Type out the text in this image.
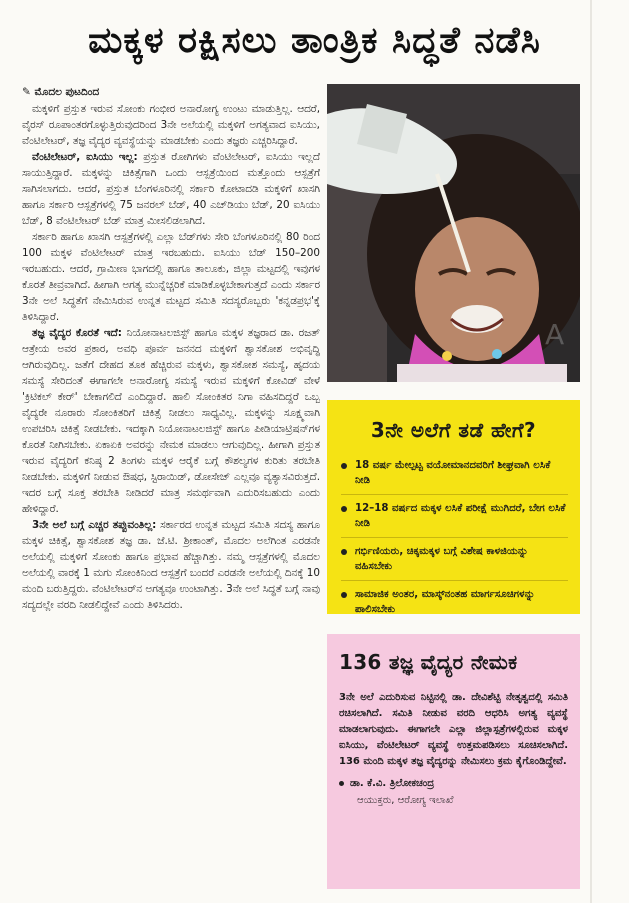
ಮಕ್ಕಳ ರಕ್ಷಿಸಲು ತಾಂತ್ರಿಕ ಸಿದ್ಧತೆ ನಡೆಸಿ
✎ ಮೊದಲ ಪುಟದಿಂದ

ಮಕ್ಕಳಿಗೆ ಪ್ರಸ್ತುತ ಇರುವ ಸೋಂಕು ಗಂಭೀರ ಅನಾರೋಗ್ಯ ಉಂಟು ಮಾಡುತ್ತಿಲ್ಲ. ಆದರೆ, ವೈರಸ್ ರೂಪಾಂತರಗೊಳ್ಳುತ್ತಿರುವುದರಿಂದ 3ನೇ ಅಲೆಯಲ್ಲಿ ಮಕ್ಕಳಿಗೆ ಅಗತ್ಯವಾದ ಐಸಿಯು, ವೆಂಟಿಲೇಟರ್, ತಜ್ಞ ವೈದ್ಯರ ವ್ಯವಸ್ಥೆಯನ್ನು ಮಾಡಬೇಕು ಎಂದು ತಜ್ಞರು ಎಚ್ಚರಿಸಿದ್ದಾರೆ.

ವೆಂಟಿಲೇಟರ್, ಐಸಿಯು ಇಲ್ಲ: ಪ್ರಸ್ತುತ ರೋಗಿಗಳು ವೆಂಟಿಲೇಟರ್, ಐಸಿಯು ಇಲ್ಲದೆ ಸಾಯುತ್ತಿದ್ದಾರೆ. ಮಕ್ಕಳನ್ನು ಚಿಕಿತ್ಸೆಗಾಗಿ ಒಂದು ಆಸ್ಪತ್ರೆಯಿಂದ ಮತ್ತೊಂದು ಆಸ್ಪತ್ರೆಗೆ ಸಾಗಿಸಲಾಗದು. ಆದರೆ, ಪ್ರಸ್ತುತ ಬೆಂಗಳೂರಿನಲ್ಲಿ ಸರ್ಕಾರಿ ಕೋಟಾದಡಿ ಮಕ್ಕಳಿಗೆ ಖಾಸಗಿ ಹಾಗೂ ಸರ್ಕಾರಿ ಆಸ್ಪತ್ರೆಗಳಲ್ಲಿ 75 ಜನರಲ್ ಬೆಡ್, 40 ಎಚ್‌ಡಿಯು ಬೆಡ್, 20 ಐಸಿಯು ಬೆಡ್, 8 ವೆಂಟಿಲೇಟರ್ ಬೆಡ್ ಮಾತ್ರ ಮೀಸಲಿಡಲಾಗಿದೆ.

ಸರ್ಕಾರಿ ಹಾಗೂ ಖಾಸಗಿ ಆಸ್ಪತ್ರೆಗಳಲ್ಲಿ ಎಲ್ಲಾ ಬೆಡ್‌ಗಳು ಸೇರಿ ಬೆಂಗಳೂರಿನಲ್ಲಿ 80 ರಿಂದ 100 ಮಕ್ಕಳ ವೆಂಟಿಲೇಟರ್ ಮಾತ್ರ ಇರಬಹುದು. ಐಸಿಯು ಬೆಡ್ 150–200 ಇರಬಹುದು. ಆದರೆ, ಗ್ರಾಮೀಣ ಭಾಗದಲ್ಲಿ ಹಾಗೂ ತಾಲೂಕು, ಜಿಲ್ಲಾ ಮಟ್ಟದಲ್ಲಿ ಇವುಗಳ ಕೊರತೆ ತೀವ್ರವಾಗಿದೆ. ಹೀಗಾಗಿ ಅಗತ್ಯ ಮುನ್ನೆಚ್ಚರಿಕೆ ಮಾಡಿಕೊಳ್ಳಬೇಕಾಗುತ್ತದೆ ಎಂದು ಸರ್ಕಾರ 3ನೇ ಅಲೆ ಸಿದ್ಧತೆಗೆ ನೇಮಿಸಿರುವ ಉನ್ನತ ಮಟ್ಟದ ಸಮಿತಿ ಸದಸ್ಯರೊಬ್ಬರು 'ಕನ್ನಡಪ್ರಭ'ಕ್ಕೆ ತಿಳಿಸಿದ್ದಾರೆ.

ತಜ್ಞ ವೈದ್ಯರ ಕೊರತೆ ಇದೆ: ನಿಯೋನಾಟಲಜಿಸ್ಟ್ ಹಾಗೂ ಮಕ್ಕಳ ತಜ್ಞರಾದ ಡಾ. ರಜತ್ ಆತ್ರೇಯ ಅವರ ಪ್ರಕಾರ, ಅವಧಿ ಪೂರ್ವ ಜನನದ ಮಕ್ಕಳಿಗೆ ಶ್ವಾಸಕೋಶ ಅಭಿವೃದ್ಧಿ ಆಗಿರುವುದಿಲ್ಲ. ಜತೆಗೆ ದೇಹದ ತೂಕ ಹೆಚ್ಚಿರುವ ಮಕ್ಕಳು, ಶ್ವಾಸಕೋಶ ಸಮಸ್ಯೆ, ಹೃದಯ ಸಮಸ್ಯೆ ಸೇರಿದಂತೆ ಈಗಾಗಲೇ ಅನಾರೋಗ್ಯ ಸಮಸ್ಯೆ ಇರುವ ಮಕ್ಕಳಿಗೆ ಕೋವಿಡ್ ವೇಳೆ 'ಕ್ರಿಟಿಕಲ್ ಕೇರ್' ಬೇಕಾಗಲಿದೆ ಎಂದಿದ್ದಾರೆ. ಹಾಲಿ ಸೋಂಕಿತರ ನಿಗಾ ವಹಿಸದಿದ್ದರೆ ಒಬ್ಬ ವೈದ್ಯರೇ ನೂರಾರು ಸೋಂಕಿತರಿಗೆ ಚಿಕಿತ್ಸೆ ನೀಡಲು ಸಾಧ್ಯವಿಲ್ಲ. ಮಕ್ಕಳನ್ನು ಸೂಕ್ಷ್ಮವಾಗಿ ಉಪಚರಿಸಿ ಚಿಕಿತ್ಸೆ ನೀಡಬೇಕು. ಇದಕ್ಕಾಗಿ ನಿಯೋನಾಟಲಜಿಸ್ಟ್ ಹಾಗೂ ಪೀಡಿಯಾಟ್ರಿಷನ್‌ಗಳ ಕೊರತೆ ನೀಗಿಸಬೇಕು. ಏಕಾಏಕಿ ಅವರನ್ನು ನೇಮಕ ಮಾಡಲು ಆಗುವುದಿಲ್ಲ. ಹೀಗಾಗಿ ಪ್ರಸ್ತುತ ಇರುವ ವೈದ್ಯರಿಗೆ ಕನಿಷ್ಠ 2 ತಿಂಗಳು ಮಕ್ಕಳ ಆರೈಕೆ ಬಗ್ಗೆ ಕೌಶಲ್ಯಗಳ ಕುರಿತು ತರಬೇತಿ ನೀಡಬೇಕು. ಮಕ್ಕಳಿಗೆ ನೀಡುವ ಔಷಧ, ಸ್ಟಿರಾಯಿಡ್, ಡೋಸೇಜ್ ಎಲ್ಲವೂ ವ್ಯತ್ಯಾಸವಿರುತ್ತದೆ. ಇದರ ಬಗ್ಗೆ ಸೂಕ್ತ ತರಬೇತಿ ನೀಡಿದರೆ ಮಾತ್ರ ಸಮರ್ಥವಾಗಿ ಎದುರಿಸಬಹುದು ಎಂದು ಹೇಳಿದ್ದಾರೆ.

3ನೇ ಅಲೆ ಬಗ್ಗೆ ಎಚ್ಚರ ತಪ್ಪುವಂತಿಲ್ಲ: ಸರ್ಕಾರದ ಉನ್ನತ ಮಟ್ಟದ ಸಮಿತಿ ಸದಸ್ಯ ಹಾಗೂ ಮಕ್ಕಳ ಚಿಕಿತ್ಸೆ, ಶ್ವಾಸಕೋಶ ತಜ್ಞ ಡಾ. ಜೆ.ಟಿ. ಶ್ರೀಕಾಂತ್, ಮೊದಲ ಅಲೆಗಿಂತ ಎರಡನೇ ಅಲೆಯಲ್ಲಿ ಮಕ್ಕಳಿಗೆ ಸೋಂಕು ಹಾಗೂ ಪ್ರಭಾವ ಹೆಚ್ಚಾಗಿತ್ತು. ನಮ್ಮ ಆಸ್ಪತ್ರೆಗಳಲ್ಲಿ ಮೊದಲ ಅಲೆಯಲ್ಲಿ ವಾರಕ್ಕೆ 1 ಮಗು ಸೋಂಕಿನಿಂದ ಆಸ್ಪತ್ರೆಗೆ ಬಂದರೆ ಎರಡನೇ ಅಲೆಯಲ್ಲಿ ದಿನಕ್ಕೆ 10 ಮಂದಿ ಬರುತ್ತಿದ್ದರು. ವೆಂಟಿಲೇಟರ್‌ನ ಅಗತ್ಯವೂ ಉಂಟಾಗಿತ್ತು. 3ನೇ ಅಲೆ ಸಿದ್ಧತೆ ಬಗ್ಗೆ ನಾವು ಸದ್ಯದಲ್ಲೇ ವರದಿ ನೀಡಲಿದ್ದೇವೆ ಎಂದು ತಿಳಿಸಿದರು.

A
3ನೇ ಅಲೆಗೆ ತಡೆ ಹೇಗೆ?
18 ವರ್ಷ ಮೇಲ್ಪಟ್ಟ ವಯೋಮಾನದವರಿಗೆ ಶೀಘ್ರವಾಗಿ ಲಸಿಕೆ ನೀಡಿ
12–18 ವರ್ಷದ ಮಕ್ಕಳ ಲಸಿಕೆ ಪರೀಕ್ಷೆ ಮುಗಿದರೆ, ಬೇಗ ಲಸಿಕೆ ನೀಡಿ
ಗರ್ಭಿಣಿಯರು, ಚಿಕ್ಕಮಕ್ಕಳ ಬಗ್ಗೆ ವಿಶೇಷ ಕಾಳಜಿಯನ್ನು ವಹಿಸಬೇಕು
ಸಾಮಾಜಿಕ ಅಂತರ, ಮಾಸ್ಕ್‌ನಂತಹ ಮಾರ್ಗಸೂಚಿಗಳನ್ನು ಪಾಲಿಸಬೇಕು
136 ತಜ್ಞ ವೈದ್ಯರ ನೇಮಕ
3ನೇ ಅಲೆ ಎದುರಿಸುವ ನಿಟ್ಟಿನಲ್ಲಿ ಡಾ. ದೇವಿಶೆಟ್ಟಿ ನೇತೃತ್ವದಲ್ಲಿ ಸಮಿತಿ ರಚಿಸಲಾಗಿದೆ. ಸಮಿತಿ ನೀಡುವ ವರದಿ ಆಧರಿಸಿ ಅಗತ್ಯ ವ್ಯವಸ್ಥೆ ಮಾಡಲಾಗುವುದು. ಈಗಾಗಲೇ ಎಲ್ಲಾ ಜಿಲ್ಲಾಸ್ಪತ್ರೆಗಳಲ್ಲಿರುವ ಮಕ್ಕಳ ಐಸಿಯು, ವೆಂಟಿಲೇಟರ್ ವ್ಯವಸ್ಥೆ ಉತ್ತಮಪಡಿಸಲು ಸೂಚಿಸಲಾಗಿದೆ. 136 ಮಂದಿ ಮಕ್ಕಳ ತಜ್ಞ ವೈದ್ಯರನ್ನು ನೇಮಿಸಲು ಕ್ರಮ ಕೈಗೊಂಡಿದ್ದೇವೆ.
ಡಾ. ಕೆ.ವಿ. ತ್ರಿಲೋಕಚಂದ್ರ
ಆಯುಕ್ತರು, ಆರೋಗ್ಯ ಇಲಾಖೆ
